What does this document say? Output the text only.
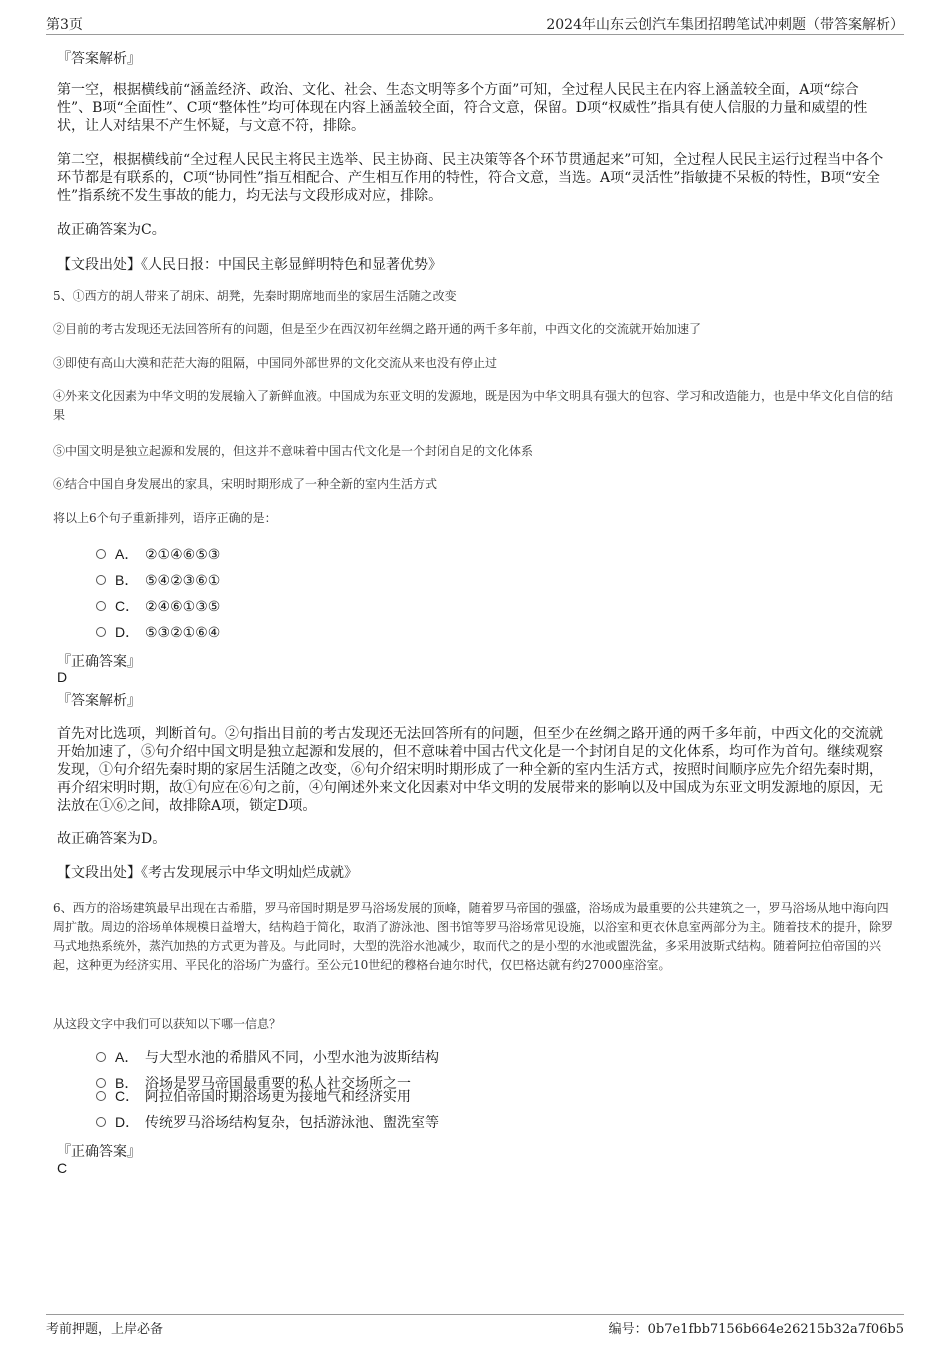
第3页	2024年山东云创汽车集团招聘笔试冲刺题（带答案解析）
『答案解析』
第一空，根据横线前“涵盖经济、政治、文化、社会、生态文明等多个方面”可知，全过程人民民主在内容上涵盖较全面，A项“综合性”、B项“全面性”、C项“整体性”均可体现在内容上涵盖较全面，符合文意，保留。D项“权威性”指具有使人信服的力量和威望的性状，让人对结果不产生怀疑，与文意不符，排除。
第二空，根据横线前“全过程人民民主将民主选举、民主协商、民主决策等各个环节贯通起来”可知，全过程人民民主运行过程当中各个环节都是有联系的，C项“协同性”指互相配合、产生相互作用的特性，符合文意，当选。A项“灵活性”指敏捷不呆板的特性，B项“安全性”指系统不发生事故的能力，均无法与文段形成对应，排除。
故正确答案为C。
【文段出处】《人民日报：中国民主彰显鲜明特色和显著优势》
5、①西方的胡人带来了胡床、胡凳，先秦时期席地而坐的家居生活随之改变
②目前的考古发现还无法回答所有的问题，但是至少在西汉初年丝绸之路开通的两千多年前，中西文化的交流就开始加速了
③即使有高山大漠和茫茫大海的阻隔，中国同外部世界的文化交流从来也没有停止过
④外来文化因素为中华文明的发展输入了新鲜血液。中国成为东亚文明的发源地，既是因为中华文明具有强大的包容、学习和改造能力，也是中华文化自信的结果
⑤中国文明是独立起源和发展的，但这并不意味着中国古代文化是一个封闭自足的文化体系
⑥结合中国自身发展出的家具，宋明时期形成了一种全新的室内生活方式
将以上6个句子重新排列，语序正确的是：
A． ②①④⑥⑤③
B． ⑤④②③⑥①
C． ②④⑥①③⑤
D． ⑤③②①⑥④
『正确答案』
D
『答案解析』
首先对比选项，判断首句。②句指出目前的考古发现还无法回答所有的问题，但至少在丝绸之路开通的两千多年前，中西文化的交流就开始加速了，⑤句介绍中国文明是独立起源和发展的，但不意味着中国古代文化是一个封闭自足的文化体系，均可作为首句。继续观察发现，①句介绍先秦时期的家居生活随之改变，⑥句介绍宋明时期形成了一种全新的室内生活方式，按照时间顺序应先介绍先秦时期，再介绍宋明时期，故①句应在⑥句之前，④句阐述外来文化因素对中华文明的发展带来的影响以及中国成为东亚文明发源地的原因，无法放在①⑥之间，故排除A项，锁定D项。
故正确答案为D。
【文段出处】《考古发现展示中华文明灿烂成就》
6、西方的浴场建筑最早出现在古希腊，罗马帝国时期是罗马浴场发展的顶峰，随着罗马帝国的强盛，浴场成为最重要的公共建筑之一，罗马浴场从地中海向四周扩散。周边的浴场单体规模日益增大，结构趋于简化，取消了游泳池、图书馆等罗马浴场常见设施，以浴室和更衣休息室两部分为主。随着技术的提升，除罗马式地热系统外，蒸汽加热的方式更为普及。与此同时，大型的洗浴水池减少，取而代之的是小型的水池或盥洗盆，多采用波斯式结构。随着阿拉伯帝国的兴起，这种更为经济实用、平民化的浴场广为盛行。至公元10世纪的穆格台迪尔时代，仅巴格达就有约27000座浴室。
从这段文字中我们可以获知以下哪一信息？
A． 与大型水池的希腊风不同，小型水池为波斯结构
B． 浴场是罗马帝国最重要的私人社交场所之一
C． 阿拉伯帝国时期浴场更为接地气和经济实用
D． 传统罗马浴场结构复杂，包括游泳池、盥洗室等
『正确答案』
C
考前押题，上岸必备	编号：0b7e1fbb7156b664e26215b32a7f06b5
